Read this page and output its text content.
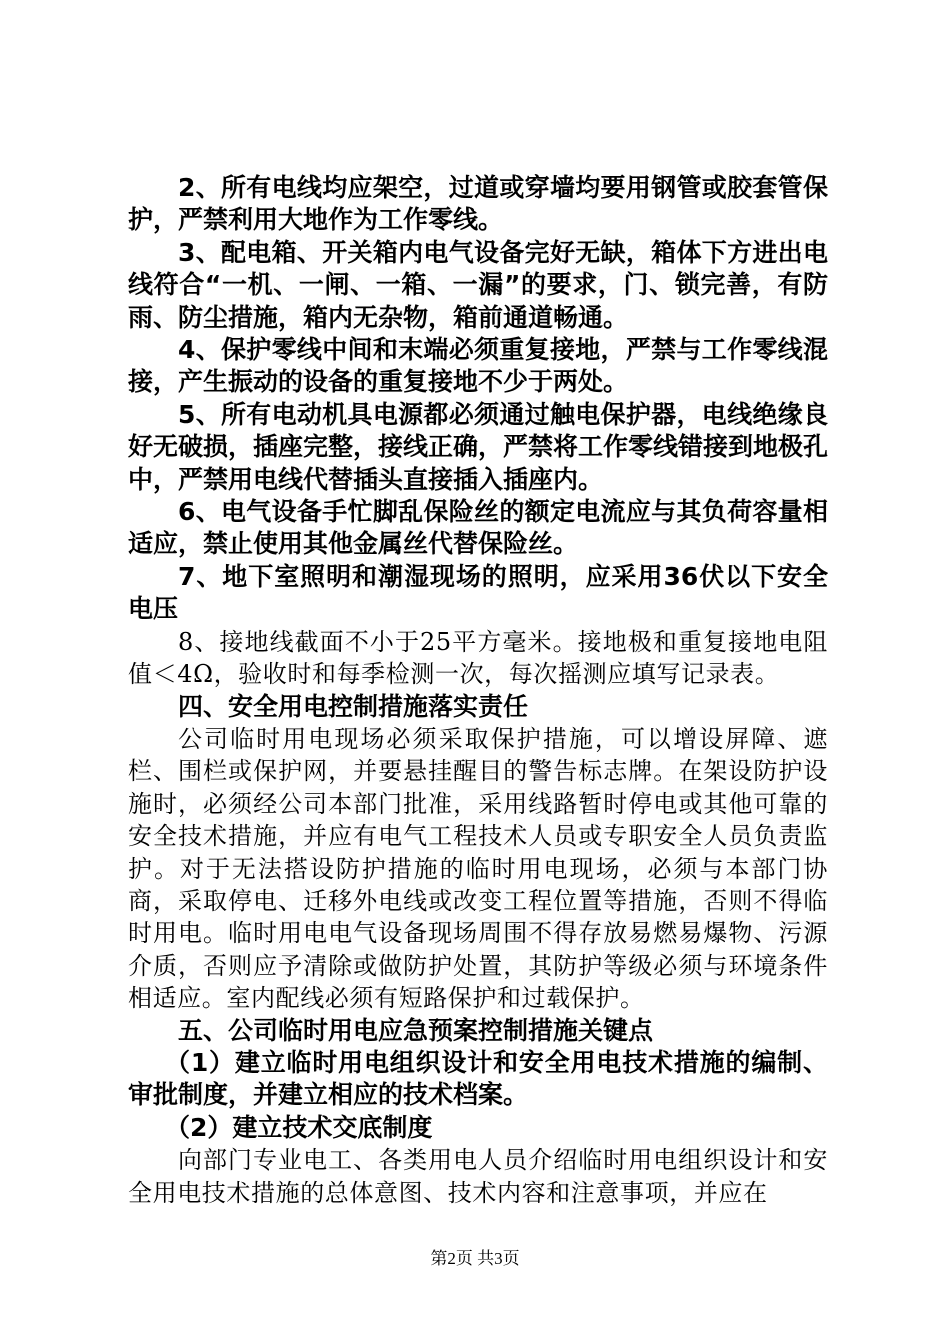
2、所有电线均应架空，过道或穿墙均要用钢管或胶套管保护，严禁利用大地作为工作零线。

3、配电箱、开关箱内电气设备完好无缺，箱体下方进出电线符合“一机、一闸、一箱、一漏”的要求，门、锁完善，有防雨、防尘措施，箱内无杂物，箱前通道畅通。

4、保护零线中间和末端必须重复接地，严禁与工作零线混接，产生振动的设备的重复接地不少于两处。

5、所有电动机具电源都必须通过触电保护器，电线绝缘良好无破损，插座完整，接线正确，严禁将工作零线错接到地极孔中，严禁用电线代替插头直接插入插座内。

6、电气设备手忙脚乱保险丝的额定电流应与其负荷容量相适应，禁止使用其他金属丝代替保险丝。

7、地下室照明和潮湿现场的照明，应采用36伏以下安全电压

8、接地线截面不小于25平方毫米。接地极和重复接地电阻值＜4Ω，验收时和每季检测一次，每次摇测应填写记录表。

四、安全用电控制措施落实责任

公司临时用电现场必须采取保护措施，可以增设屏障、遮栏、围栏或保护网，并要悬挂醒目的警告标志牌。在架设防护设施时，必须经公司本部门批准，采用线路暂时停电或其他可靠的安全技术措施，并应有电气工程技术人员或专职安全人员负责监护。对于无法搭设防护措施的临时用电现场，必须与本部门协商，采取停电、迁移外电线或改变工程位置等措施，否则不得临时用电。临时用电电气设备现场周围不得存放易燃易爆物、污源介质，否则应予清除或做防护处置，其防护等级必须与环境条件相适应。室内配线必须有短路保护和过载保护。

五、公司临时用电应急预案控制措施关键点

（1）建立临时用电组织设计和安全用电技术措施的编制、审批制度，并建立相应的技术档案。

（2）建立技术交底制度

向部门专业电工、各类用电人员介绍临时用电组织设计和安全用电技术措施的总体意图、技术内容和注意事项，并应在

第2页 共3页
